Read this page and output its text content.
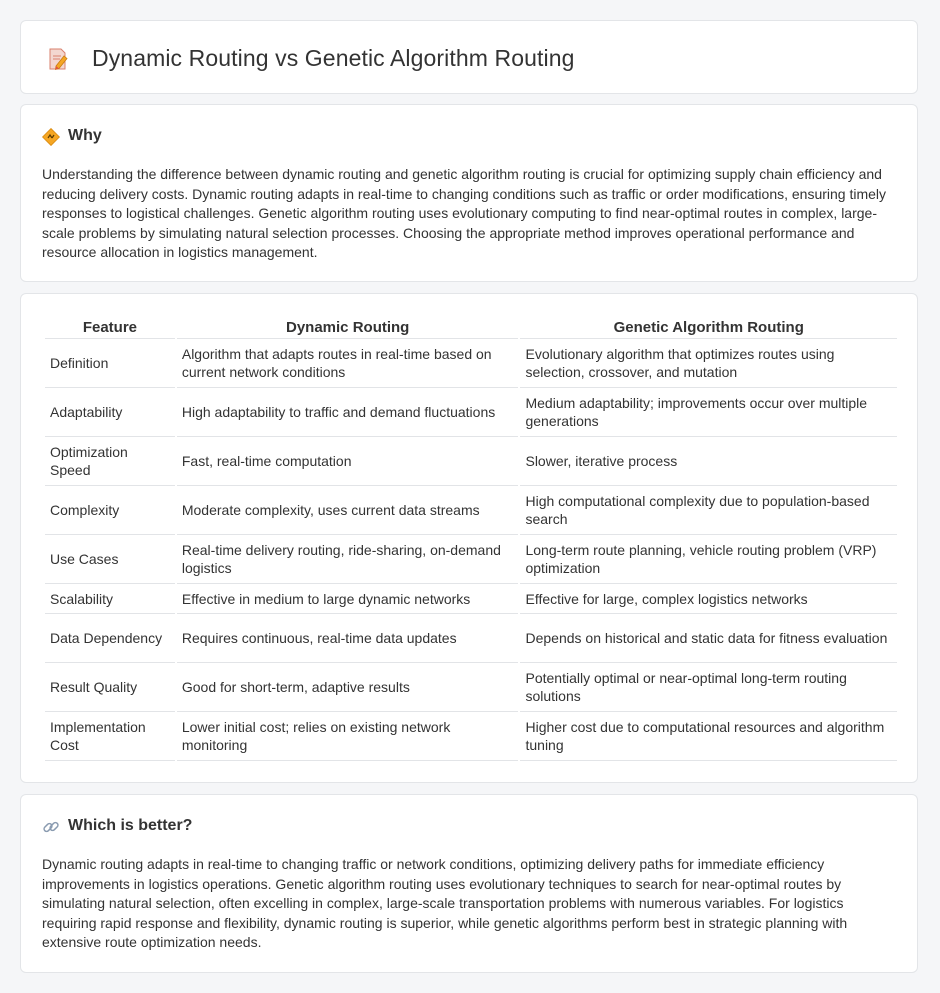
Dynamic Routing vs Genetic Algorithm Routing
Why

Understanding the difference between dynamic routing and genetic algorithm routing is crucial for optimizing supply chain efficiency and reducing delivery costs. Dynamic routing adapts in real-time to changing conditions such as traffic or order modifications, ensuring timely responses to logistical challenges. Genetic algorithm routing uses evolutionary computing to find near-optimal routes in complex, large-scale problems by simulating natural selection processes. Choosing the appropriate method improves operational performance and resource allocation in logistics management.

Feature	Dynamic Routing	Genetic Algorithm Routing
Definition	Algorithm that adapts routes in real-time based on current network conditions	Evolutionary algorithm that optimizes routes using selection, crossover, and mutation
Adaptability	High adaptability to traffic and demand fluctuations	Medium adaptability; improvements occur over multiple generations
Optimization Speed	Fast, real-time computation	Slower, iterative process
Complexity	Moderate complexity, uses current data streams	High computational complexity due to population-based search
Use Cases	Real-time delivery routing, ride-sharing, on-demand logistics	Long-term route planning, vehicle routing problem (VRP) optimization
Scalability	Effective in medium to large dynamic networks	Effective for large, complex logistics networks
Data Dependency	Requires continuous, real-time data updates	Depends on historical and static data for fitness evaluation
Result Quality	Good for short-term, adaptive results	Potentially optimal or near-optimal long-term routing solutions
Implementation Cost	Lower initial cost; relies on existing network monitoring	Higher cost due to computational resources and algorithm tuning
Which is better?

Dynamic routing adapts in real-time to changing traffic or network conditions, optimizing delivery paths for immediate efficiency improvements in logistics operations. Genetic algorithm routing uses evolutionary techniques to search for near-optimal routes by simulating natural selection, often excelling in complex, large-scale transportation problems with numerous variables. For logistics requiring rapid response and flexibility, dynamic routing is superior, while genetic algorithms perform best in strategic planning with extensive route optimization needs.
